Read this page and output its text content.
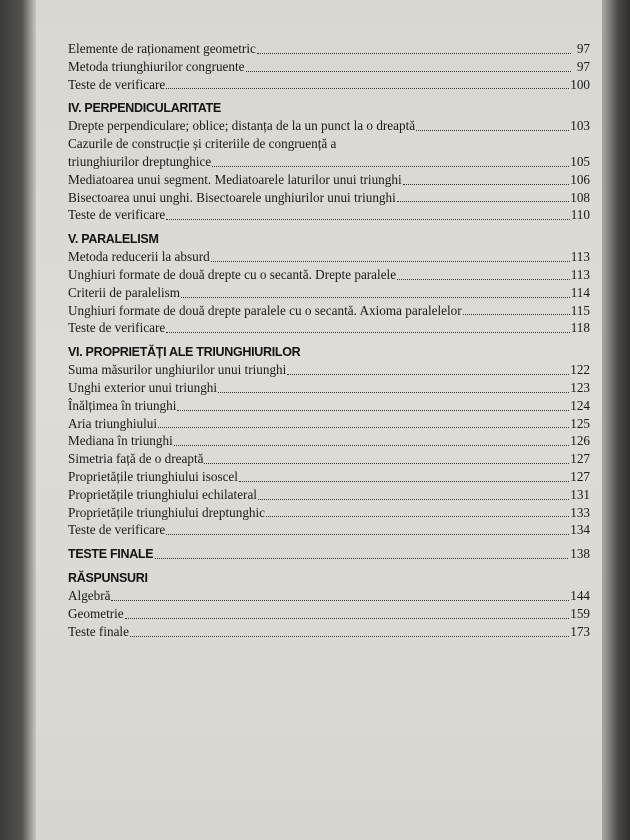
Elemente de raționament geometric	97
Metoda triunghiurilor congruente	97
Teste de verificare	100
IV. PERPENDICULARITATE
Drepte perpendiculare; oblice; distanța de la un punct la o dreaptă	103
Cazurile de construcție și criteriile de congruență a
triunghiurilor dreptunghice	105
Mediatoarea unui segment. Mediatoarele laturilor unui triunghi	106
Bisectoarea unui unghi. Bisectoarele unghiurilor unui triunghi	108
Teste de verificare	110
V. PARALELISM
Metoda reducerii la absurd	113
Unghiuri formate de două drepte cu o secantă. Drepte paralele	113
Criterii de paralelism	114
Unghiuri formate de două drepte paralele cu o secantă. Axioma paralelelor	115
Teste de verificare	118
VI. PROPRIETĂȚI ALE TRIUNGHIURILOR
Suma măsurilor unghiurilor unui triunghi	122
Unghi exterior unui triunghi	123
Înălțimea în triunghi	124
Aria triunghiului	125
Mediana în triunghi	126
Simetria față de o dreaptă	127
Proprietățile triunghiului isoscel	127
Proprietățile triunghiului echilateral	131
Proprietățile triunghiului dreptunghic	133
Teste de verificare	134
TESTE FINALE	138
RĂSPUNSURI
Algebră	144
Geometrie	159
Teste finale	173
